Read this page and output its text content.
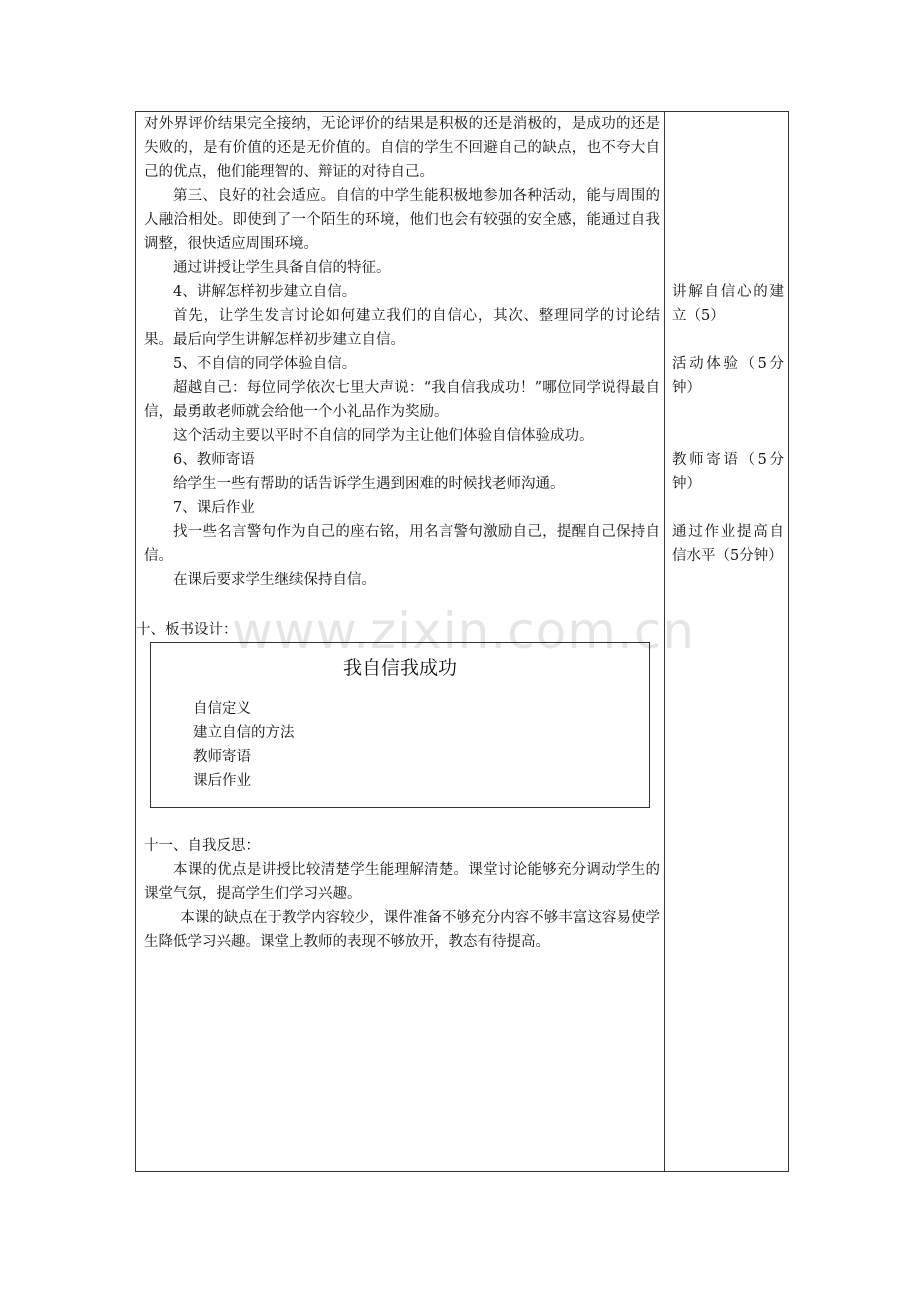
对外界评价结果完全接纳，无论评价的结果是积极的还是消极的，是成功的还是失败的，是有价值的还是无价值的。自信的学生不回避自己的缺点，也不夸大自己的优点，他们能理智的、辩证的对待自己。

第三、良好的社会适应。自信的中学生能积极地参加各种活动，能与周围的人融洽相处。即使到了一个陌生的环境，他们也会有较强的安全感，能通过自我调整，很快适应周围环境。

通过讲授让学生具备自信的特征。

4、讲解怎样初步建立自信。

首先，让学生发言讨论如何建立我们的自信心，其次、整理同学的讨论结果。最后向学生讲解怎样初步建立自信。

5、不自信的同学体验自信。

超越自己：每位同学依次七里大声说：“我自信我成功！”哪位同学说得最自信，最勇敢老师就会给他一个小礼品作为奖励。

这个活动主要以平时不自信的同学为主让他们体验自信体验成功。

6、教师寄语

给学生一些有帮助的话告诉学生遇到困难的时候找老师沟通。

7、课后作业

找一些名言警句作为自己的座右铭，用名言警句激励自己，提醒自己保持自信。

在课后要求学生继续保持自信。

讲解自信心的建立（5）
活动体验（5分钟）
教师寄语（5分钟）
通过作业提高自信水平（5分钟）
十、板书设计：
我自信我成功
自信定义
建立自信的方法
教师寄语
课后作业

十一、自我反思：

本课的优点是讲授比较清楚学生能理解清楚。课堂讨论能够充分调动学生的课堂气氛，提高学生们学习兴趣。

本课的缺点在于教学内容较少，课件准备不够充分内容不够丰富这容易使学生降低学习兴趣。课堂上教师的表现不够放开，教态有待提高。

www.zixin.com.cn
